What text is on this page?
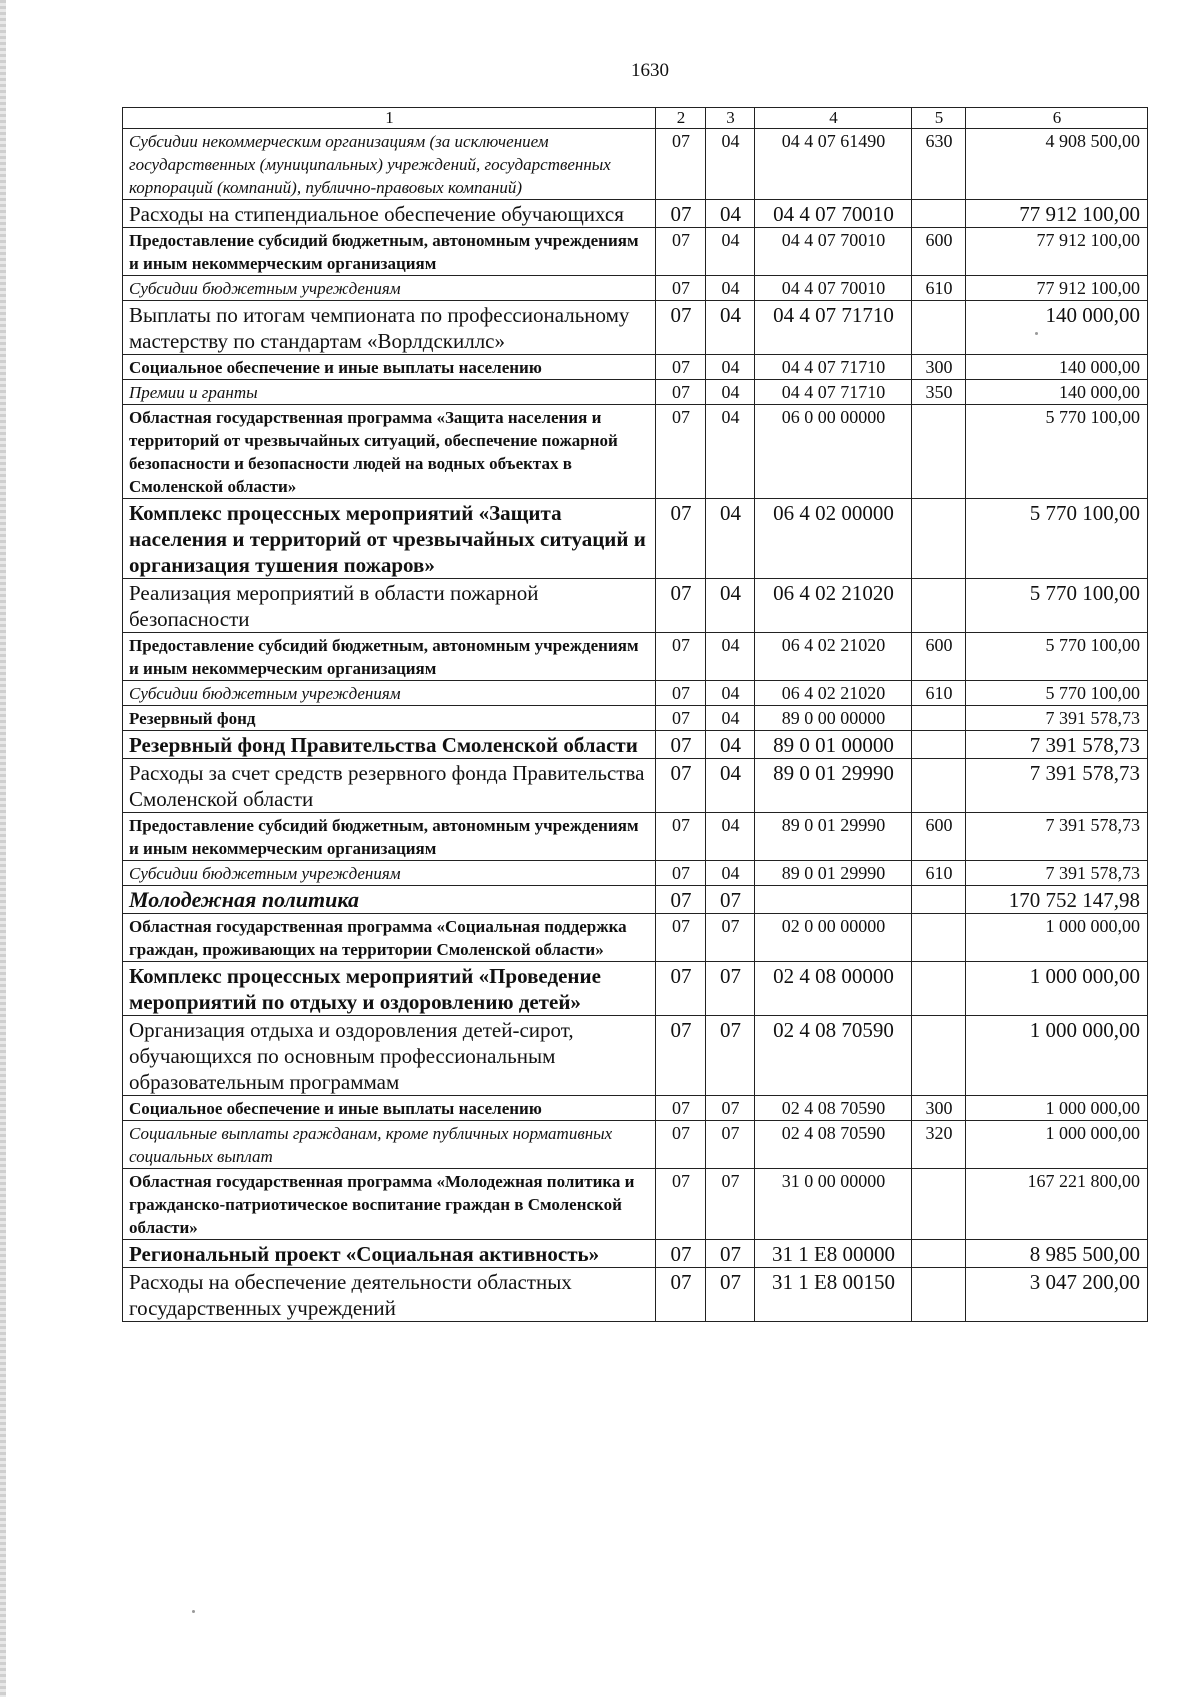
1630
1	2	3	4	5	6
Субсидии некоммерческим организациям (за исключением государственных (муниципальных) учреждений, государственных корпораций (компаний), публично-правовых компаний)	07	04	04 4 07 61490	630	4 908 500,00
Расходы на стипендиальное обеспечение обучающихся	07	04	04 4 07 70010		77 912 100,00
Предоставление субсидий бюджетным, автономным учреждениям и иным некоммерческим организациям	07	04	04 4 07 70010	600	77 912 100,00
Субсидии бюджетным учреждениям	07	04	04 4 07 70010	610	77 912 100,00
Выплаты по итогам чемпионата по профессиональному мастерству по стандартам «Ворлдскиллс»	07	04	04 4 07 71710		140 000,00
Социальное обеспечение и иные выплаты населению	07	04	04 4 07 71710	300	140 000,00
Премии и гранты	07	04	04 4 07 71710	350	140 000,00
Областная государственная программа «Защита населения и территорий от чрезвычайных ситуаций, обеспечение пожарной безопасности и безопасности людей на водных объектах в Смоленской области»	07	04	06 0 00 00000		5 770 100,00
Комплекс процессных мероприятий «Защита населения и территорий от чрезвычайных ситуаций и организация тушения пожаров»	07	04	06 4 02 00000		5 770 100,00
Реализация мероприятий в области пожарной безопасности	07	04	06 4 02 21020		5 770 100,00
Предоставление субсидий бюджетным, автономным учреждениям и иным некоммерческим организациям	07	04	06 4 02 21020	600	5 770 100,00
Субсидии бюджетным учреждениям	07	04	06 4 02 21020	610	5 770 100,00
Резервный фонд	07	04	89 0 00 00000		7 391 578,73
Резервный фонд Правительства Смоленской области	07	04	89 0 01 00000		7 391 578,73
Расходы за счет средств резервного фонда Правительства Смоленской области	07	04	89 0 01 29990		7 391 578,73
Предоставление субсидий бюджетным, автономным учреждениям и иным некоммерческим организациям	07	04	89 0 01 29990	600	7 391 578,73
Субсидии бюджетным учреждениям	07	04	89 0 01 29990	610	7 391 578,73
Молодежная политика	07	07			170 752 147,98
Областная государственная программа «Социальная поддержка граждан, проживающих на территории Смоленской области»	07	07	02 0 00 00000		1 000 000,00
Комплекс процессных мероприятий «Проведение мероприятий по отдыху и оздоровлению детей»	07	07	02 4 08 00000		1 000 000,00
Организация отдыха и оздоровления детей-сирот, обучающихся по основным профессиональным образовательным программам	07	07	02 4 08 70590		1 000 000,00
Социальное обеспечение и иные выплаты населению	07	07	02 4 08 70590	300	1 000 000,00
Социальные выплаты гражданам, кроме публичных нормативных социальных выплат	07	07	02 4 08 70590	320	1 000 000,00
Областная государственная программа «Молодежная политика и гражданско-патриотическое воспитание граждан в Смоленской области»	07	07	31 0 00 00000		167 221 800,00
Региональный проект «Социальная активность»	07	07	31 1 E8 00000		8 985 500,00
Расходы на обеспечение деятельности областных государственных учреждений	07	07	31 1 E8 00150		3 047 200,00
